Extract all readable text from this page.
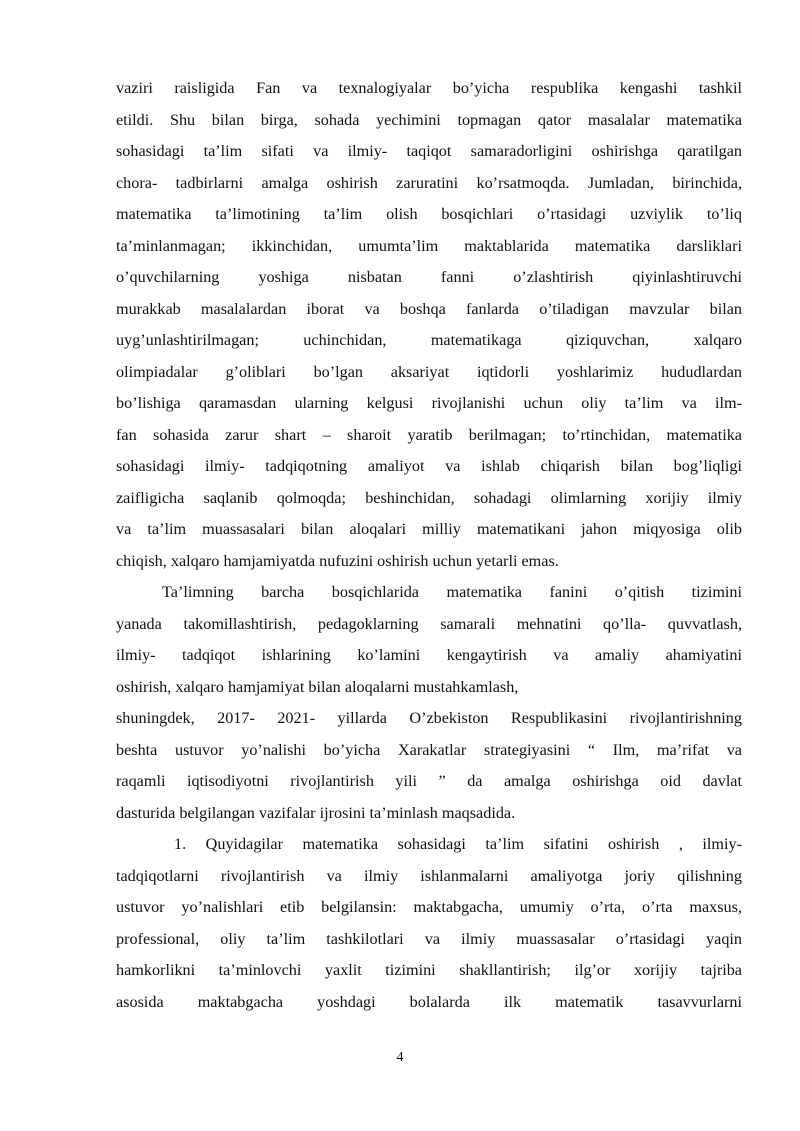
vaziri raisligida Fan va texnalogiyalar bo’yicha respublika kengashi tashkil
etildi. Shu bilan birga, sohada yechimini topmagan qator masalalar matematika
sohasidagi ta’lim sifati va ilmiy- taqiqot samaradorligini oshirishga qaratilgan
chora- tadbirlarni amalga oshirish zaruratini ko’rsatmoqda. Jumladan, birinchida,
matematika ta’limotining ta’lim olish bosqichlari o’rtasidagi uzviylik to’liq
ta’minlanmagan; ikkinchidan, umumta’lim maktablarida matematika darsliklari
o’quvchilarning yoshiga nisbatan fanni o’zlashtirish qiyinlashtiruvchi
murakkab masalalardan iborat va boshqa fanlarda o’tiladigan mavzular bilan
uyg’unlashtirilmagan; uchinchidan, matematikaga qiziquvchan, xalqaro
olimpiadalar g’oliblari bo’lgan aksariyat iqtidorli yoshlarimiz hududlardan
bo’lishiga qaramasdan ularning kelgusi rivojlanishi uchun oliy ta’lim va ilm-
fan sohasida zarur shart – sharoit yaratib berilmagan; to’rtinchidan, matematika
sohasidagi ilmiy- tadqiqotning amaliyot va ishlab chiqarish bilan bog’liqligi
zaifligicha saqlanib qolmoqda; beshinchidan, sohadagi olimlarning xorijiy ilmiy
va ta’lim muassasalari bilan aloqalari milliy matematikani jahon miqyosiga olib
chiqish, xalqaro hamjamiyatda nufuzini oshirish uchun yetarli emas.
Ta’limning barcha bosqichlarida matematika fanini o’qitish tizimini
yanada takomillashtirish, pedagoklarning samarali mehnatini qo’lla- quvvatlash,
ilmiy- tadqiqot ishlarining ko’lamini kengaytirish va amaliy ahamiyatini
oshirish, xalqaro hamjamiyat bilan aloqalarni mustahkamlash,
shuningdek, 2017- 2021- yillarda O’zbekiston Respublikasini rivojlantirishning
beshta ustuvor yo’nalishi bo’yicha Xarakatlar strategiyasini “ Ilm, ma’rifat va
raqamli iqtisodiyotni rivojlantirish yili ” da amalga oshirishga oid davlat
dasturida belgilangan vazifalar ijrosini ta’minlash maqsadida.
1. Quyidagilar matematika sohasidagi ta’lim sifatini oshirish , ilmiy-
tadqiqotlarni rivojlantirish va ilmiy ishlanmalarni amaliyotga joriy qilishning
ustuvor yo’nalishlari etib belgilansin: maktabgacha, umumiy o’rta, o’rta maxsus,
professional, oliy ta’lim tashkilotlari va ilmiy muassasalar o’rtasidagi yaqin
hamkorlikni ta’minlovchi yaxlit tizimini shakllantirish; ilg’or xorijiy tajriba
asosida maktabgacha yoshdagi bolalarda ilk matematik tasavvurlarni
4
